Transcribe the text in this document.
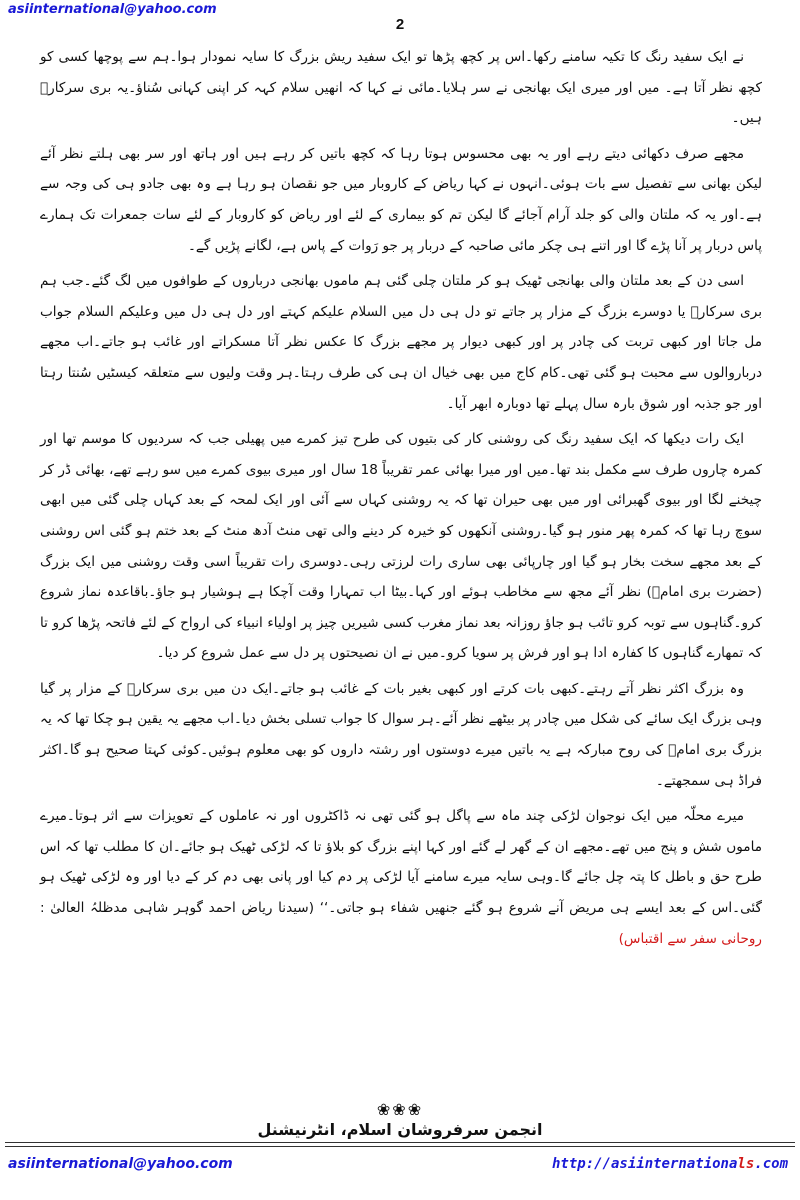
asiinternational@yahoo.com
2

نے ایک سفید رنگ کا تکیہ سامنے رکھا۔اس پر کچھ پڑھا تو ایک سفید ریش بزرگ کا سایہ نمودار ہوا۔ہم سے پوچھا کسی کو کچھ نظر آتا ہے۔ میں اور میری ایک بھانجی نے سر ہلایا۔مائی نے کہا کہ انھیں سلام کہہ کر اپنی کہانی سُناؤ۔یہ بری سرکارؒ ہیں۔

مجھے صرف دکھائی دیتے رہے اور یہ بھی محسوس ہوتا رہا کہ کچھ باتیں کر رہے ہیں اور ہاتھ اور سر بھی ہلتے نظر آئے لیکن بھانی سے تفصیل سے بات ہوئی۔انہوں نے کہا ریاض کے کاروبار میں جو نقصان ہو رہا ہے وہ بھی جادو ہی کی وجہ سے ہے۔اور یہ کہ ملتان والی کو جلد آرام آجائے گا لیکن تم کو بیماری کے لئے اور ریاض کو کاروبار کے لئے سات جمعرات تک ہمارے پاس دربار پر آنا پڑے گا اور اتنے ہی چکر مائی صاحبہ کے دربار پر جو رَوات کے پاس ہے، لگانے پڑیں گے۔

اسی دن کے بعد ملتان والی بھانجی ٹھیک ہو کر ملتان چلی گئی ہم ماموں بھانجی درباروں کے طوافوں میں لگ گئے۔جب ہم بری سرکارؒ یا دوسرے بزرگ کے مزار پر جاتے تو دل ہی دل میں السلام علیکم کہتے اور دل ہی دل میں وعلیکم السلام جواب مل جاتا اور کبھی تربت کی چادر پر اور کبھی دیوار پر مجھے بزرگ کا عکس نظر آتا مسکراتے اور غائب ہو جاتے۔اب مجھے درباروالوں سے محبت ہو گئی تھی۔کام کاج میں بھی خیال ان ہی کی طرف رہتا۔ہر وقت ولیوں سے متعلقہ کیسٹیں سُنتا رہتا اور جو جذبہ اور شوق بارہ سال پہلے تھا دوبارہ ابھر آیا۔

ایک رات دیکھا کہ ایک سفید رنگ کی روشنی کار کی بتیوں کی طرح تیز کمرے میں پھیلی جب کہ سردیوں کا موسم تھا اور کمرہ چاروں طرف سے مکمل بند تھا۔میں اور میرا بھائی عمر تقریباً 18 سال اور میری بیوی کمرے میں سو رہے تھے، بھائی ڈر کر چیخنے لگا اور بیوی گھبرائی اور میں بھی حیران تھا کہ یہ روشنی کہاں سے آئی اور ایک لمحہ کے بعد کہاں چلی گئی میں ابھی سوچ رہا تھا کہ کمرہ پھر منور ہو گیا۔روشنی آنکھوں کو خیرہ کر دینے والی تھی منٹ آدھ منٹ کے بعد ختم ہو گئی اس روشنی کے بعد مجھے سخت بخار ہو گیا اور چارپائی بھی ساری رات لرزتی رہی۔دوسری رات تقریباً اسی وقت روشنی میں ایک بزرگ (حضرت بری امامؒ) نظر آئے مجھ سے مخاطب ہوئے اور کہا۔بیٹا اب تمہارا وقت آچکا ہے ہوشیار ہو جاؤ۔باقاعدہ نماز شروع کرو۔گناہوں سے توبہ کرو تائب ہو جاؤ روزانہ بعد نماز مغرب کسی شیریں چیز پر اولیاء انبیاء کی ارواح کے لئے فاتحہ پڑھا کرو تا کہ تمھارے گناہوں کا کفارہ ادا ہو اور فرش پر سویا کرو۔میں نے ان نصیحتوں پر دل سے عمل شروع کر دیا۔

وہ بزرگ اکثر نظر آتے رہتے۔کبھی بات کرتے اور کبھی بغیر بات کے غائب ہو جاتے۔ایک دن میں بری سرکارؒ کے مزار پر گیا وہی بزرگ ایک سائے کی شکل میں چادر پر بیٹھے نظر آئے۔ہر سوال کا جواب تسلی بخش دیا۔اب مجھے یہ یقین ہو چکا تھا کہ یہ بزرگ بری امامؒ کی روح مبارکہ ہے یہ باتیں میرے دوستوں اور رشتہ داروں کو بھی معلوم ہوئیں۔کوئی کہتا صحیح ہو گا۔اکثر فراڈ ہی سمجھتے۔

میرے محلّہ میں ایک نوجوان لڑکی چند ماہ سے پاگل ہو گئی تھی نہ ڈاکٹروں اور نہ عاملوں کے تعویزات سے اثر ہوتا۔میرے ماموں شش و پنج میں تھے۔مجھے ان کے گھر لے گئے اور کہا اپنے بزرگ کو بلاؤ تا کہ لڑکی ٹھیک ہو جائے۔ان کا مطلب تھا کہ اس طرح حق و باطل کا پتہ چل جائے گا۔وہی سایہ میرے سامنے آیا لڑکی پر دم کیا اور پانی بھی دم کر کے دیا اور وہ لڑکی ٹھیک ہو گئی۔اس کے بعد ایسے ہی مریض آنے شروع ہو گئے جنھیں شفاء ہو جاتی۔‘‘ (سیدنا ریاض احمد گوہر شاہی مدظلہُ العالیٰ : روحانی سفر سے اقتباس)

❀❀❀
انجمن سرفروشان اسلام، انٹرنیشنل
asiinternational@yahoo.com	http://asiinternationals.com
